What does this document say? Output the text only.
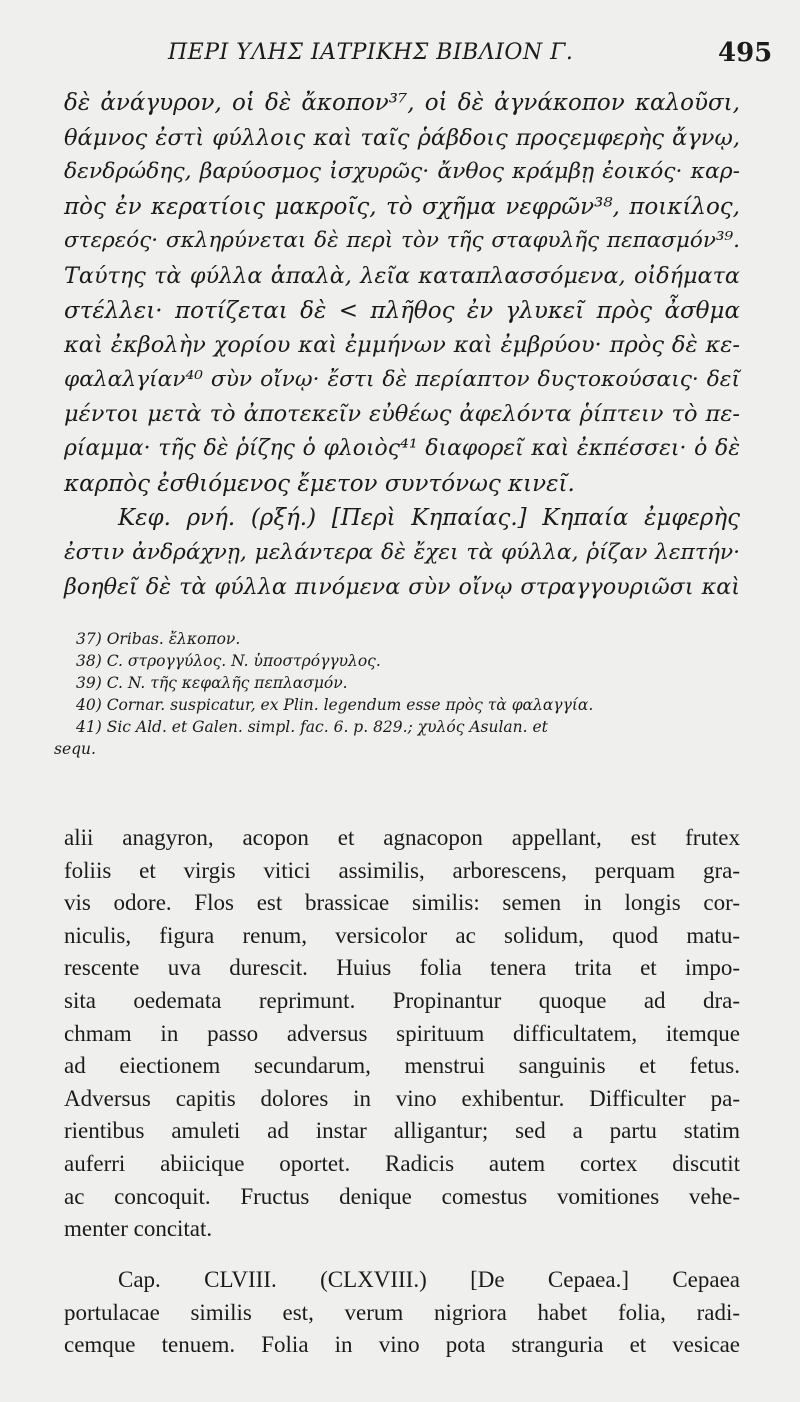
ΠΕΡΙ ΥΛΗΣ ΙΑΤΡΙΚΗΣ ΒΙΒΛΙΟΝ Γ.	495
δὲ ἀνάγυρον, οἱ δὲ ἄκοπον³⁷, οἱ δὲ ἀγνάκοπον καλοῦσι,
θάμνος ἐστὶ φύλλοις καὶ ταῖς ῥάβδοις προςεμφερὴς ἄγνῳ,
δενδρώδης, βαρύοσμος ἰσχυρῶς· ἄνθος κράμβῃ ἐοικός· καρ-
πὸς ἐν κερατίοις μακροῖς, τὸ σχῆμα νεφρῶν³⁸, ποικίλος,
στερεός· σκληρύνεται δὲ περὶ τὸν τῆς σταφυλῆς πεπασμόν³⁹.
Ταύτης τὰ φύλλα ἁπαλὰ, λεῖα καταπλασσόμενα, οἰδήματα
στέλλει· ποτίζεται δὲ < πλῆθος ἐν γλυκεῖ πρὸς ἆσθμα
καὶ ἐκβολὴν χορίου καὶ ἐμμήνων καὶ ἐμβρύου· πρὸς δὲ κε-
φαλαλγίαν⁴⁰ σὺν οἴνῳ· ἔστι δὲ περίαπτον δυςτοκούσαις· δεῖ
μέντοι μετὰ τὸ ἀποτεκεῖν εὐθέως ἀφελόντα ῥίπτειν τὸ πε-
ρίαμμα· τῆς δὲ ῥίζης ὁ φλοιὸς⁴¹ διαφορεῖ καὶ ἐκπέσσει· ὁ δὲ
καρπὸς ἐσθιόμενος ἔμετον συντόνως κινεῖ.
Κεφ. ρνή. (ρξή.) [Περὶ Κηπαίας.] Κηπαία ἐμφερὴς
ἐστιν ἀνδράχνῃ, μελάντερα δὲ ἔχει τὰ φύλλα, ῥίζαν λεπτήν·
βοηθεῖ δὲ τὰ φύλλα πινόμενα σὺν οἴνῳ στραγγουριῶσι καὶ
37) Oribas. ἔλκοπον.
38) C. στρογγύλος. N. ὑποστρόγγυλος.
39) C. N. τῆς κεφαλῆς πεπλασμόν.
40) Cornar. suspicatur, ex Plin. legendum esse πρὸς τὰ φαλαγγία.
41) Sic Ald. et Galen. simpl. fac. 6. p. 829.; χυλός Asulan. et
sequ.
alii anagyron, acopon et agnacopon appellant, est frutex
foliis et virgis vitici assimilis, arborescens, perquam gra-
vis odore. Flos est brassicae similis: semen in longis cor-
niculis, figura renum, versicolor ac solidum, quod matu-
rescente uva durescit. Huius folia tenera trita et impo-
sita oedemata reprimunt. Propinantur quoque ad dra-
chmam in passo adversus spirituum difficultatem, itemque
ad eiectionem secundarum, menstrui sanguinis et fetus.
Adversus capitis dolores in vino exhibentur. Difficulter pa-
rientibus amuleti ad instar alligantur; sed a partu statim
auferri abiicique oportet. Radicis autem cortex discutit
ac concoquit. Fructus denique comestus vomitiones vehe-
menter concitat.
Cap. CLVIII. (CLXVIII.) [De Cepaea.] Cepaea
portulacae similis est, verum nigriora habet folia, radi-
cemque tenuem. Folia in vino pota stranguria et vesicae
